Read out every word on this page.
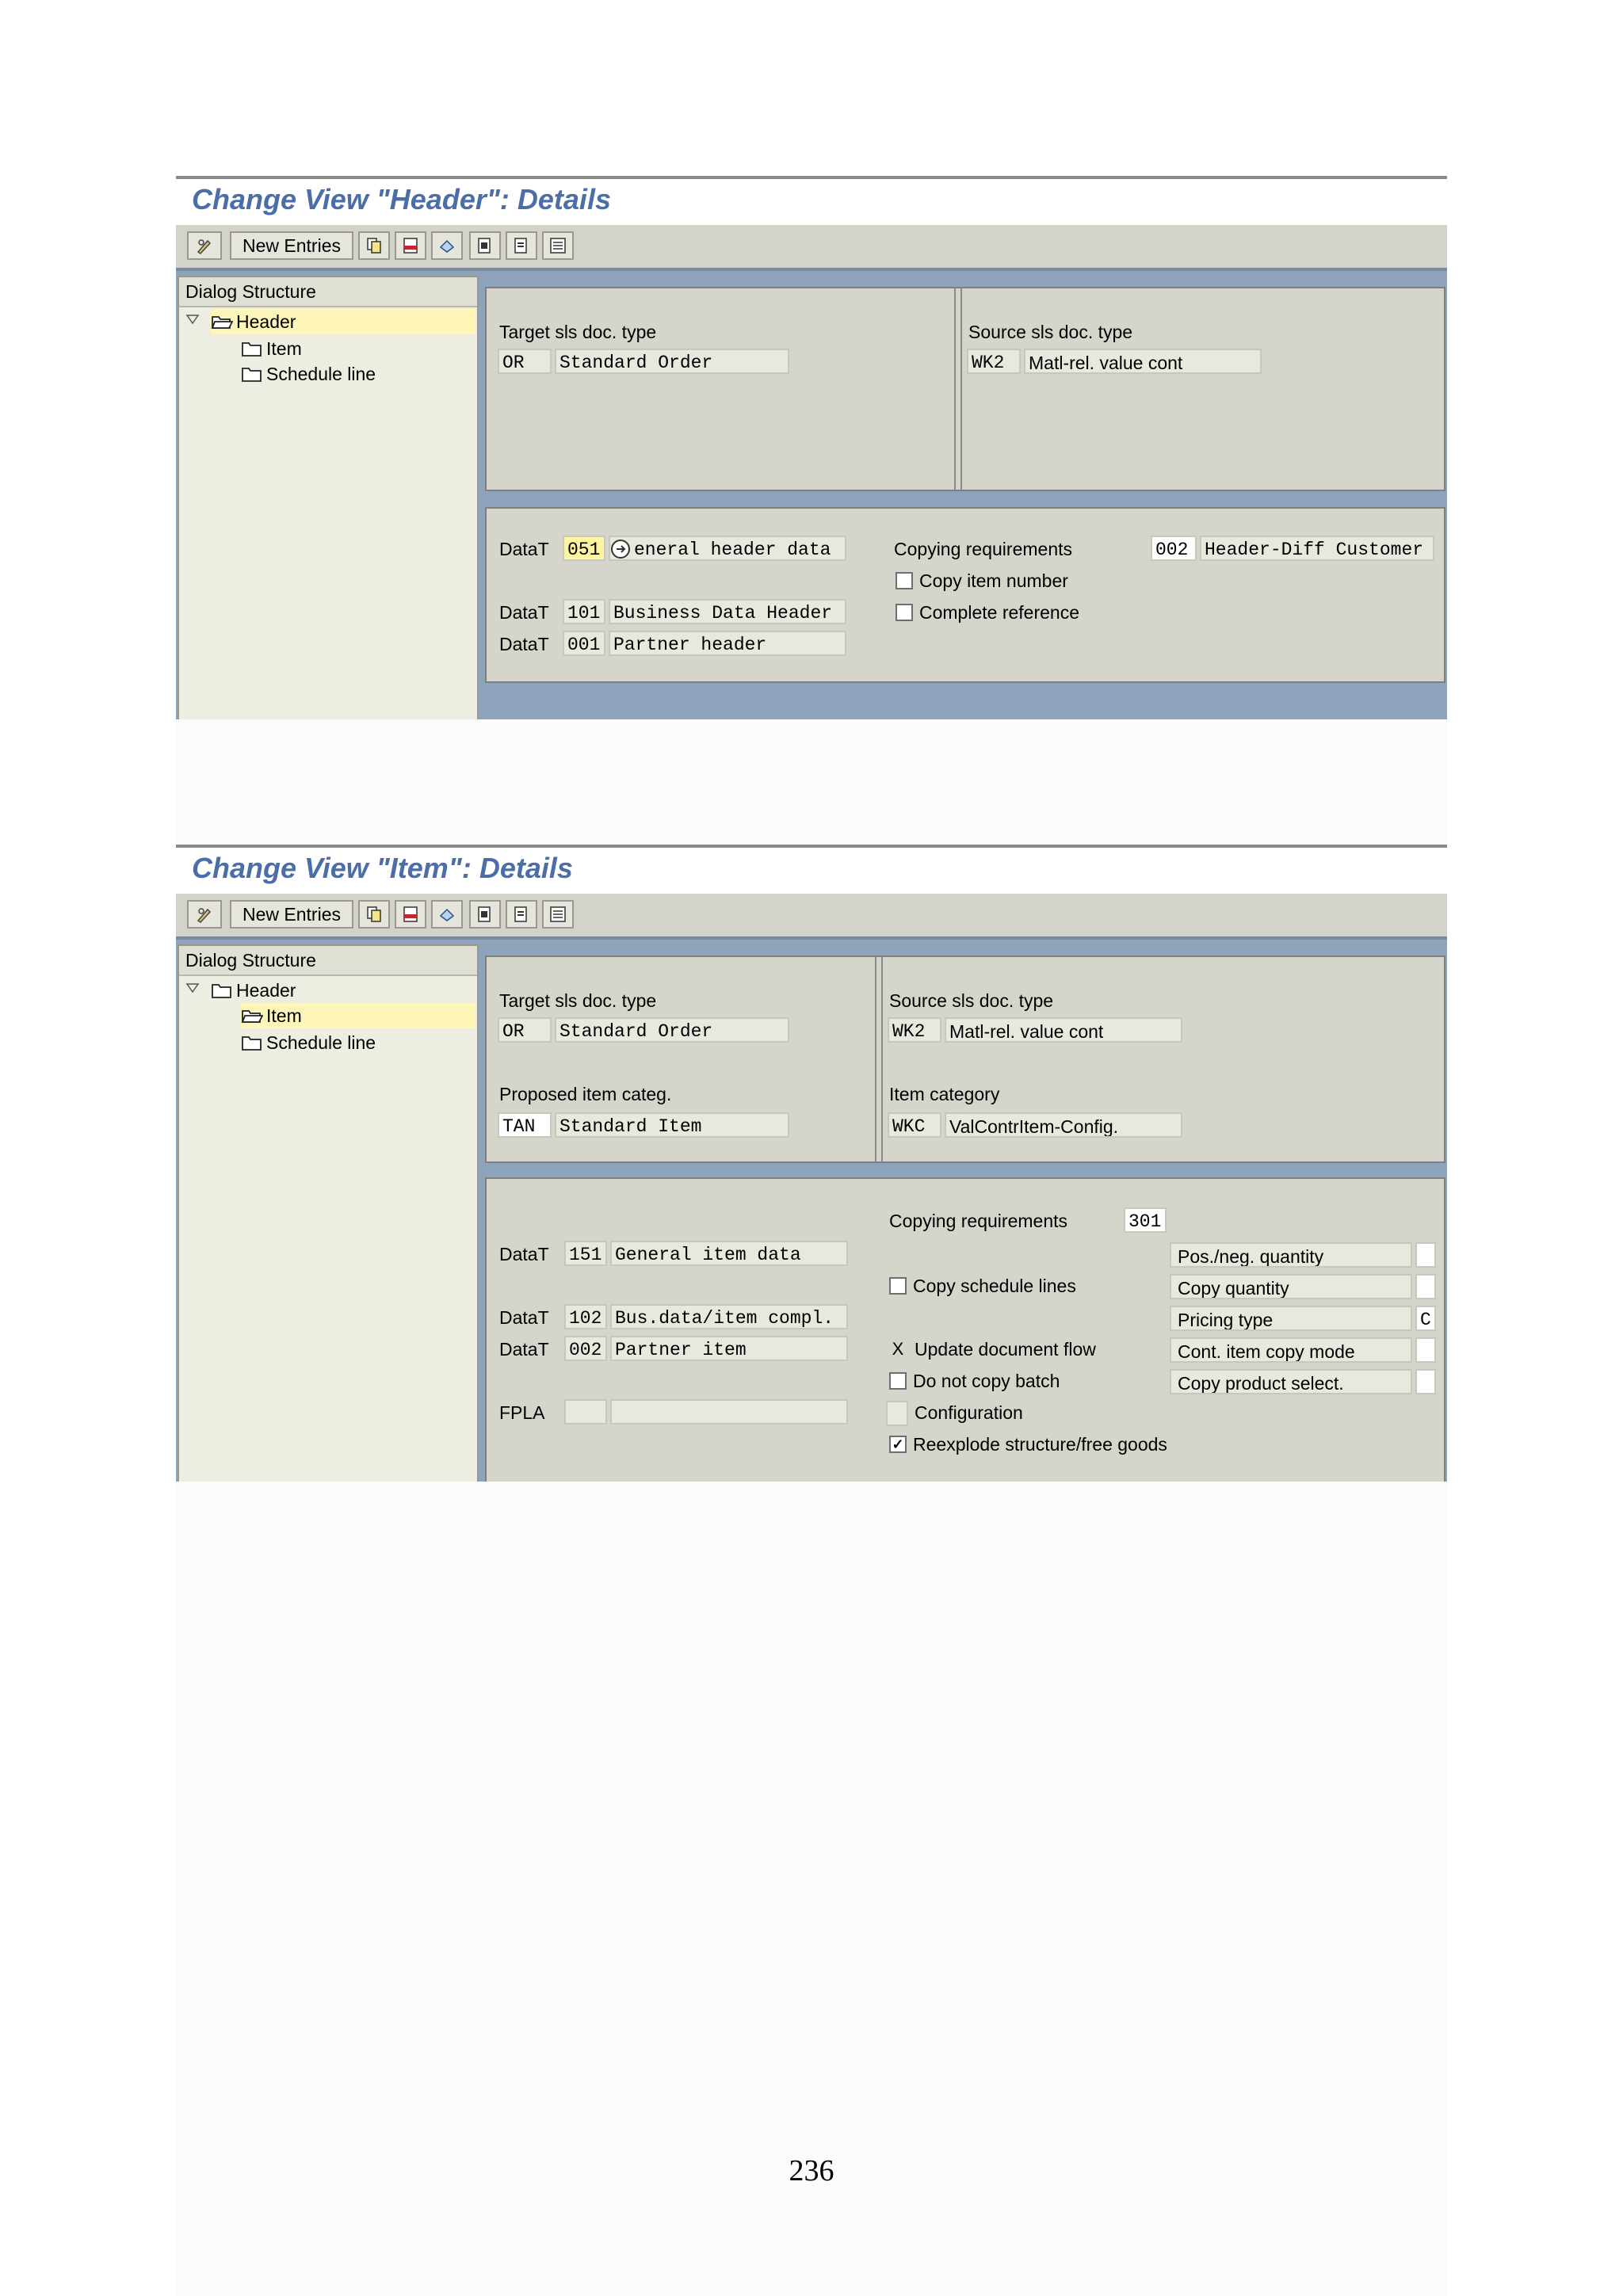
Change View "Header": Details
New Entries
Dialog Structure
Header
Item
Schedule line
Target sls doc. type
OR	Standard Order
Source sls doc. type
WK2	Matl-rel. value cont
DataT 051	eneral header data
DataT 101 Business Data Header
DataT 001 Partner header
Copying requirements	002 Header-Diff Customer
Copy item number
Complete reference
Change View "Item": Details
New Entries
Dialog Structure
Header
Item
Schedule line
Target sls doc. type
OR	Standard Order
Proposed item categ.
TAN	Standard Item
Source sls doc. type
WK2	Matl-rel. value cont
Item category
WKC	ValContrItem-Config.
DataT 151 General item data
DataT 102 Bus.data/item compl.
DataT 002 Partner item
FPLA
Copying requirements	301
Copy schedule lines
X Update document flow
Do not copy batch
Configuration
✓ Reexplode structure/free goods
Pos./neg. quantity
Copy quantity
Pricing type	C
Cont. item copy mode
Copy product select.
236
